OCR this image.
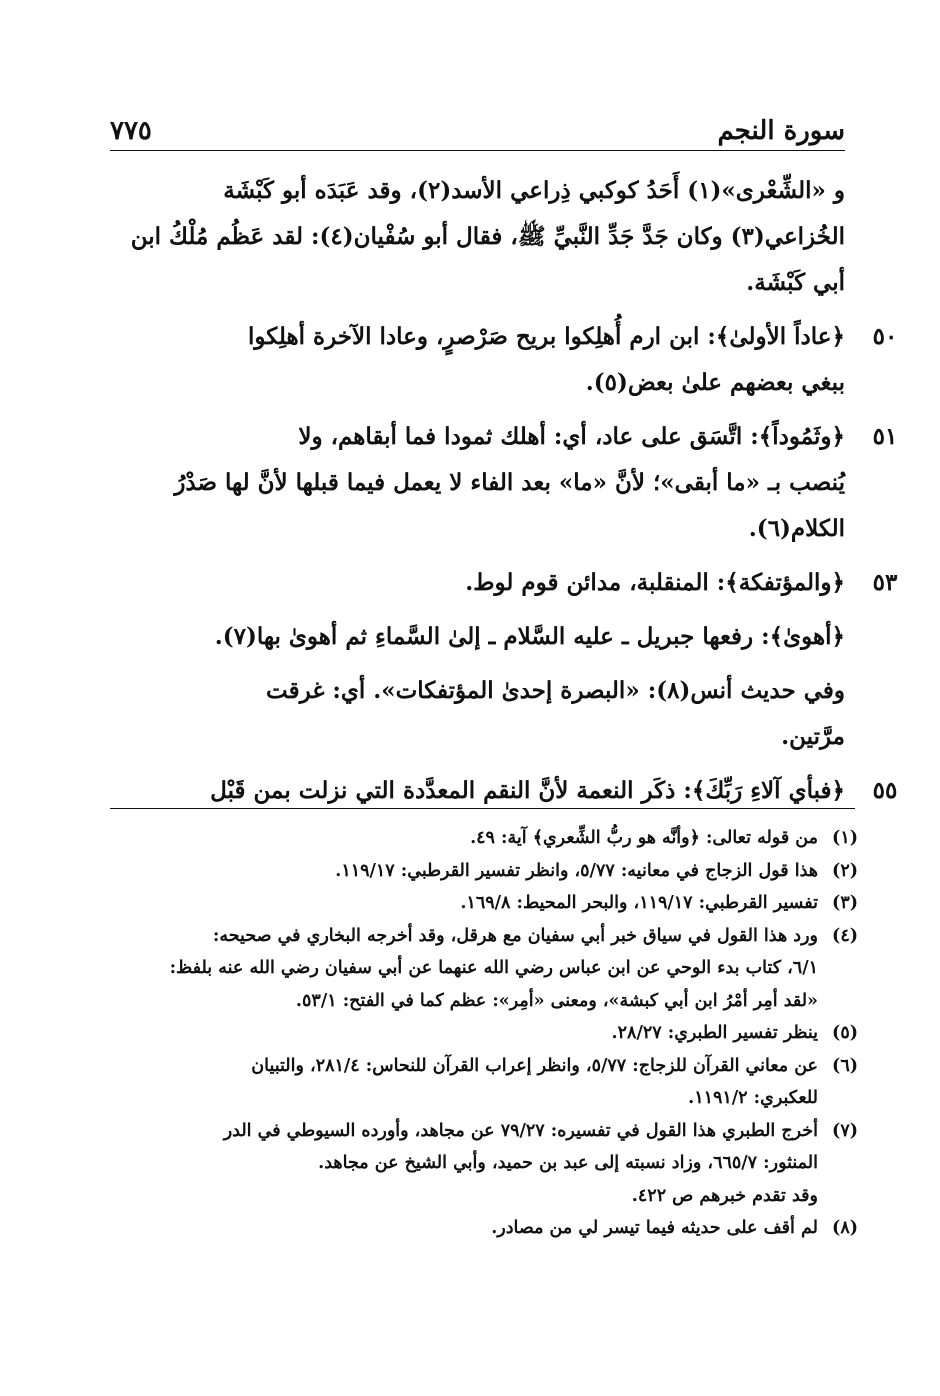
سورة النجم
٧٧٥
و «الشِّعْرى»(١) أَحَدُ كوكبي ذِراعي الأسد(٢)، وقد عَبَدَه أبو كَبْشَة
الخُزاعي(٣) وكان جَدَّ جَدِّ النَّبيِّ ﷺ، فقال أبو سُفْيان(٤): لقد عَظُم مُلْكُ ابن
أبي كَبْشَة.
٥٠
﴿عاداً الأولىٰ﴾: ابن ارم أُهلِكوا بريح صَرْصرٍ، وعادا الآخرة أهلِكوا
ببغي بعضهم علىٰ بعض(٥).
٥١
﴿وثَمُوداً﴾: اتَّسَق على عاد، أي: أهلك ثمودا فما أبقاهم، ولا
يُنصب بـ «ما أبقى»؛ لأنَّ «ما» بعد الفاء لا يعمل فيما قبلها لأنَّ لها صَدْرُ
الكلام(٦).
٥٣
﴿والمؤتفكة﴾: المنقلبة، مدائن قوم لوط.
﴿أهوىٰ﴾: رفعها جبريل ـ عليه السَّلام ـ إلىٰ السَّماءِ ثم أهوىٰ بها(٧).
وفي حديث أنس(٨): «البصرة إحدىٰ المؤتفكات». أي: غرقت
مرَّتين.
٥٥
﴿فبأي آلاءِ رَبِّكَ﴾: ذكَر النعمة لأنَّ النقم المعدَّدة التي نزلت بمن قَبْل
(١)
من قوله تعالى: ﴿وأنَّه هو ربُّ الشِّعري﴾ آية: ٤٩.
(٢)
هذا قول الزجاج في معانيه: ٥/٧٧، وانظر تفسير القرطبي: ١١٩/١٧.
(٣)
تفسير القرطبي: ١١٩/١٧، والبحر المحيط: ١٦٩/٨.
(٤)
ورد هذا القول في سياق خبر أبي سفيان مع هرقل، وقد أخرجه البخاري في صحيحه:
٦/١، كتاب بدء الوحي عن ابن عباس رضي الله عنهما عن أبي سفيان رضي الله عنه بلفظ:
«لقد أمِر أمْرُ ابن أبي كبشة»، ومعنى «أمِر»: عظم كما في الفتح: ٥٣/١.
(٥)
ينظر تفسير الطبري: ٢٨/٢٧.
(٦)
عن معاني القرآن للزجاج: ٥/٧٧، وانظر إعراب القرآن للنحاس: ٢٨١/٤، والتبيان
للعكبري: ١١٩١/٢.
(٧)
أخرج الطبري هذا القول في تفسيره: ٧٩/٢٧ عن مجاهد، وأورده السيوطي في الدر
المنثور: ٦٦٥/٧، وزاد نسبته إلى عبد بن حميد، وأبي الشيخ عن مجاهد.
وقد تقدم خبرهم ص ٤٢٢.
(٨)
لم أقف على حديثه فيما تيسر لي من مصادر.
